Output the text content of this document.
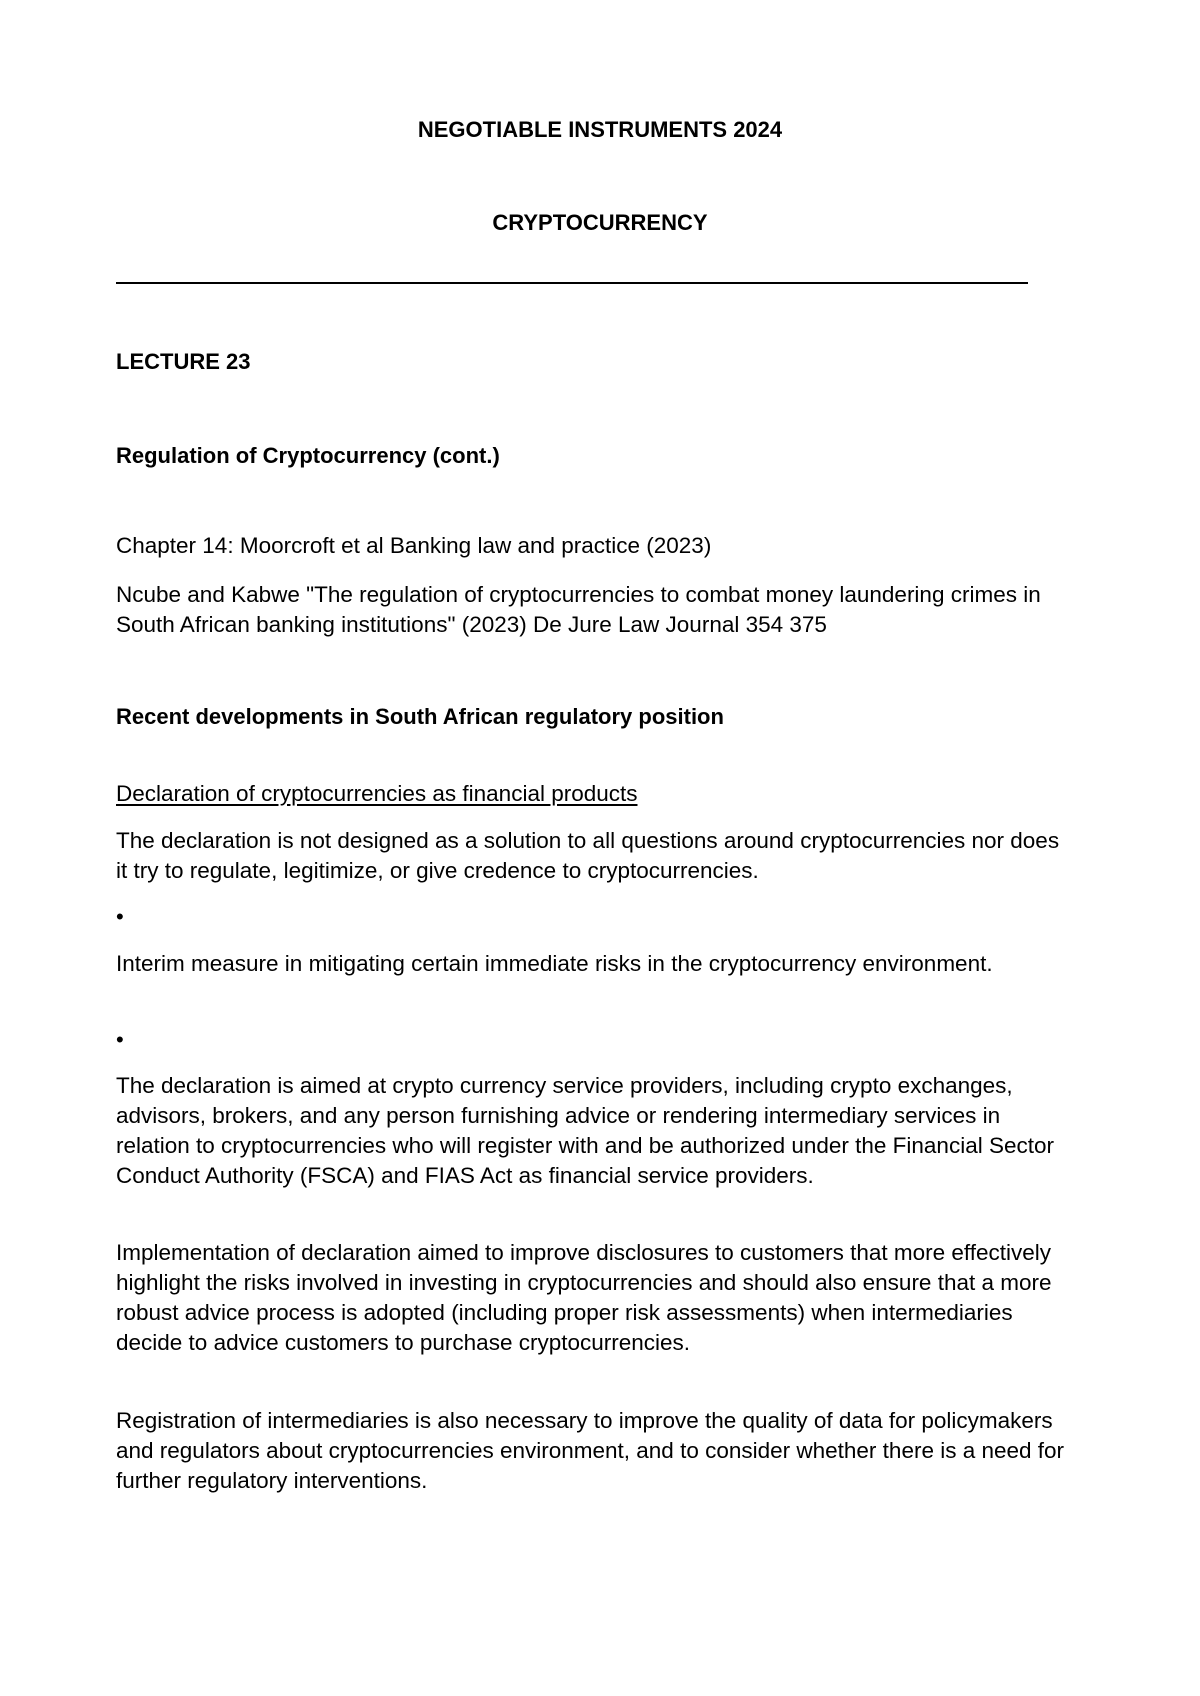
NEGOTIABLE INSTRUMENTS 2024

CRYPTOCURRENCY

LECTURE 23

Regulation of Cryptocurrency (cont.)

Chapter 14: Moorcroft et al Banking law and practice (2023)

Ncube and Kabwe "The regulation of cryptocurrencies to combat money laundering crimes in South African banking institutions" (2023) De Jure Law Journal 354 375

Recent developments in South African regulatory position

Declaration of cryptocurrencies as financial products

The declaration is not designed as a solution to all questions around cryptocurrencies nor does it try to regulate, legitimize, or give credence to cryptocurrencies.

•

Interim measure in mitigating certain immediate risks in the cryptocurrency environment.

•

The declaration is aimed at crypto currency service providers, including crypto exchanges, advisors, brokers, and any person furnishing advice or rendering intermediary services in relation to cryptocurrencies who will register with and be authorized under the Financial Sector Conduct Authority (FSCA) and FIAS Act as financial service providers.

Implementation of declaration aimed to improve disclosures to customers that more effectively highlight the risks involved in investing in cryptocurrencies and should also ensure that a more robust advice process is adopted (including proper risk assessments) when intermediaries decide to advice customers to purchase cryptocurrencies.

Registration of intermediaries is also necessary to improve the quality of data for policymakers and regulators about cryptocurrencies environment, and to consider whether there is a need for further regulatory interventions.
